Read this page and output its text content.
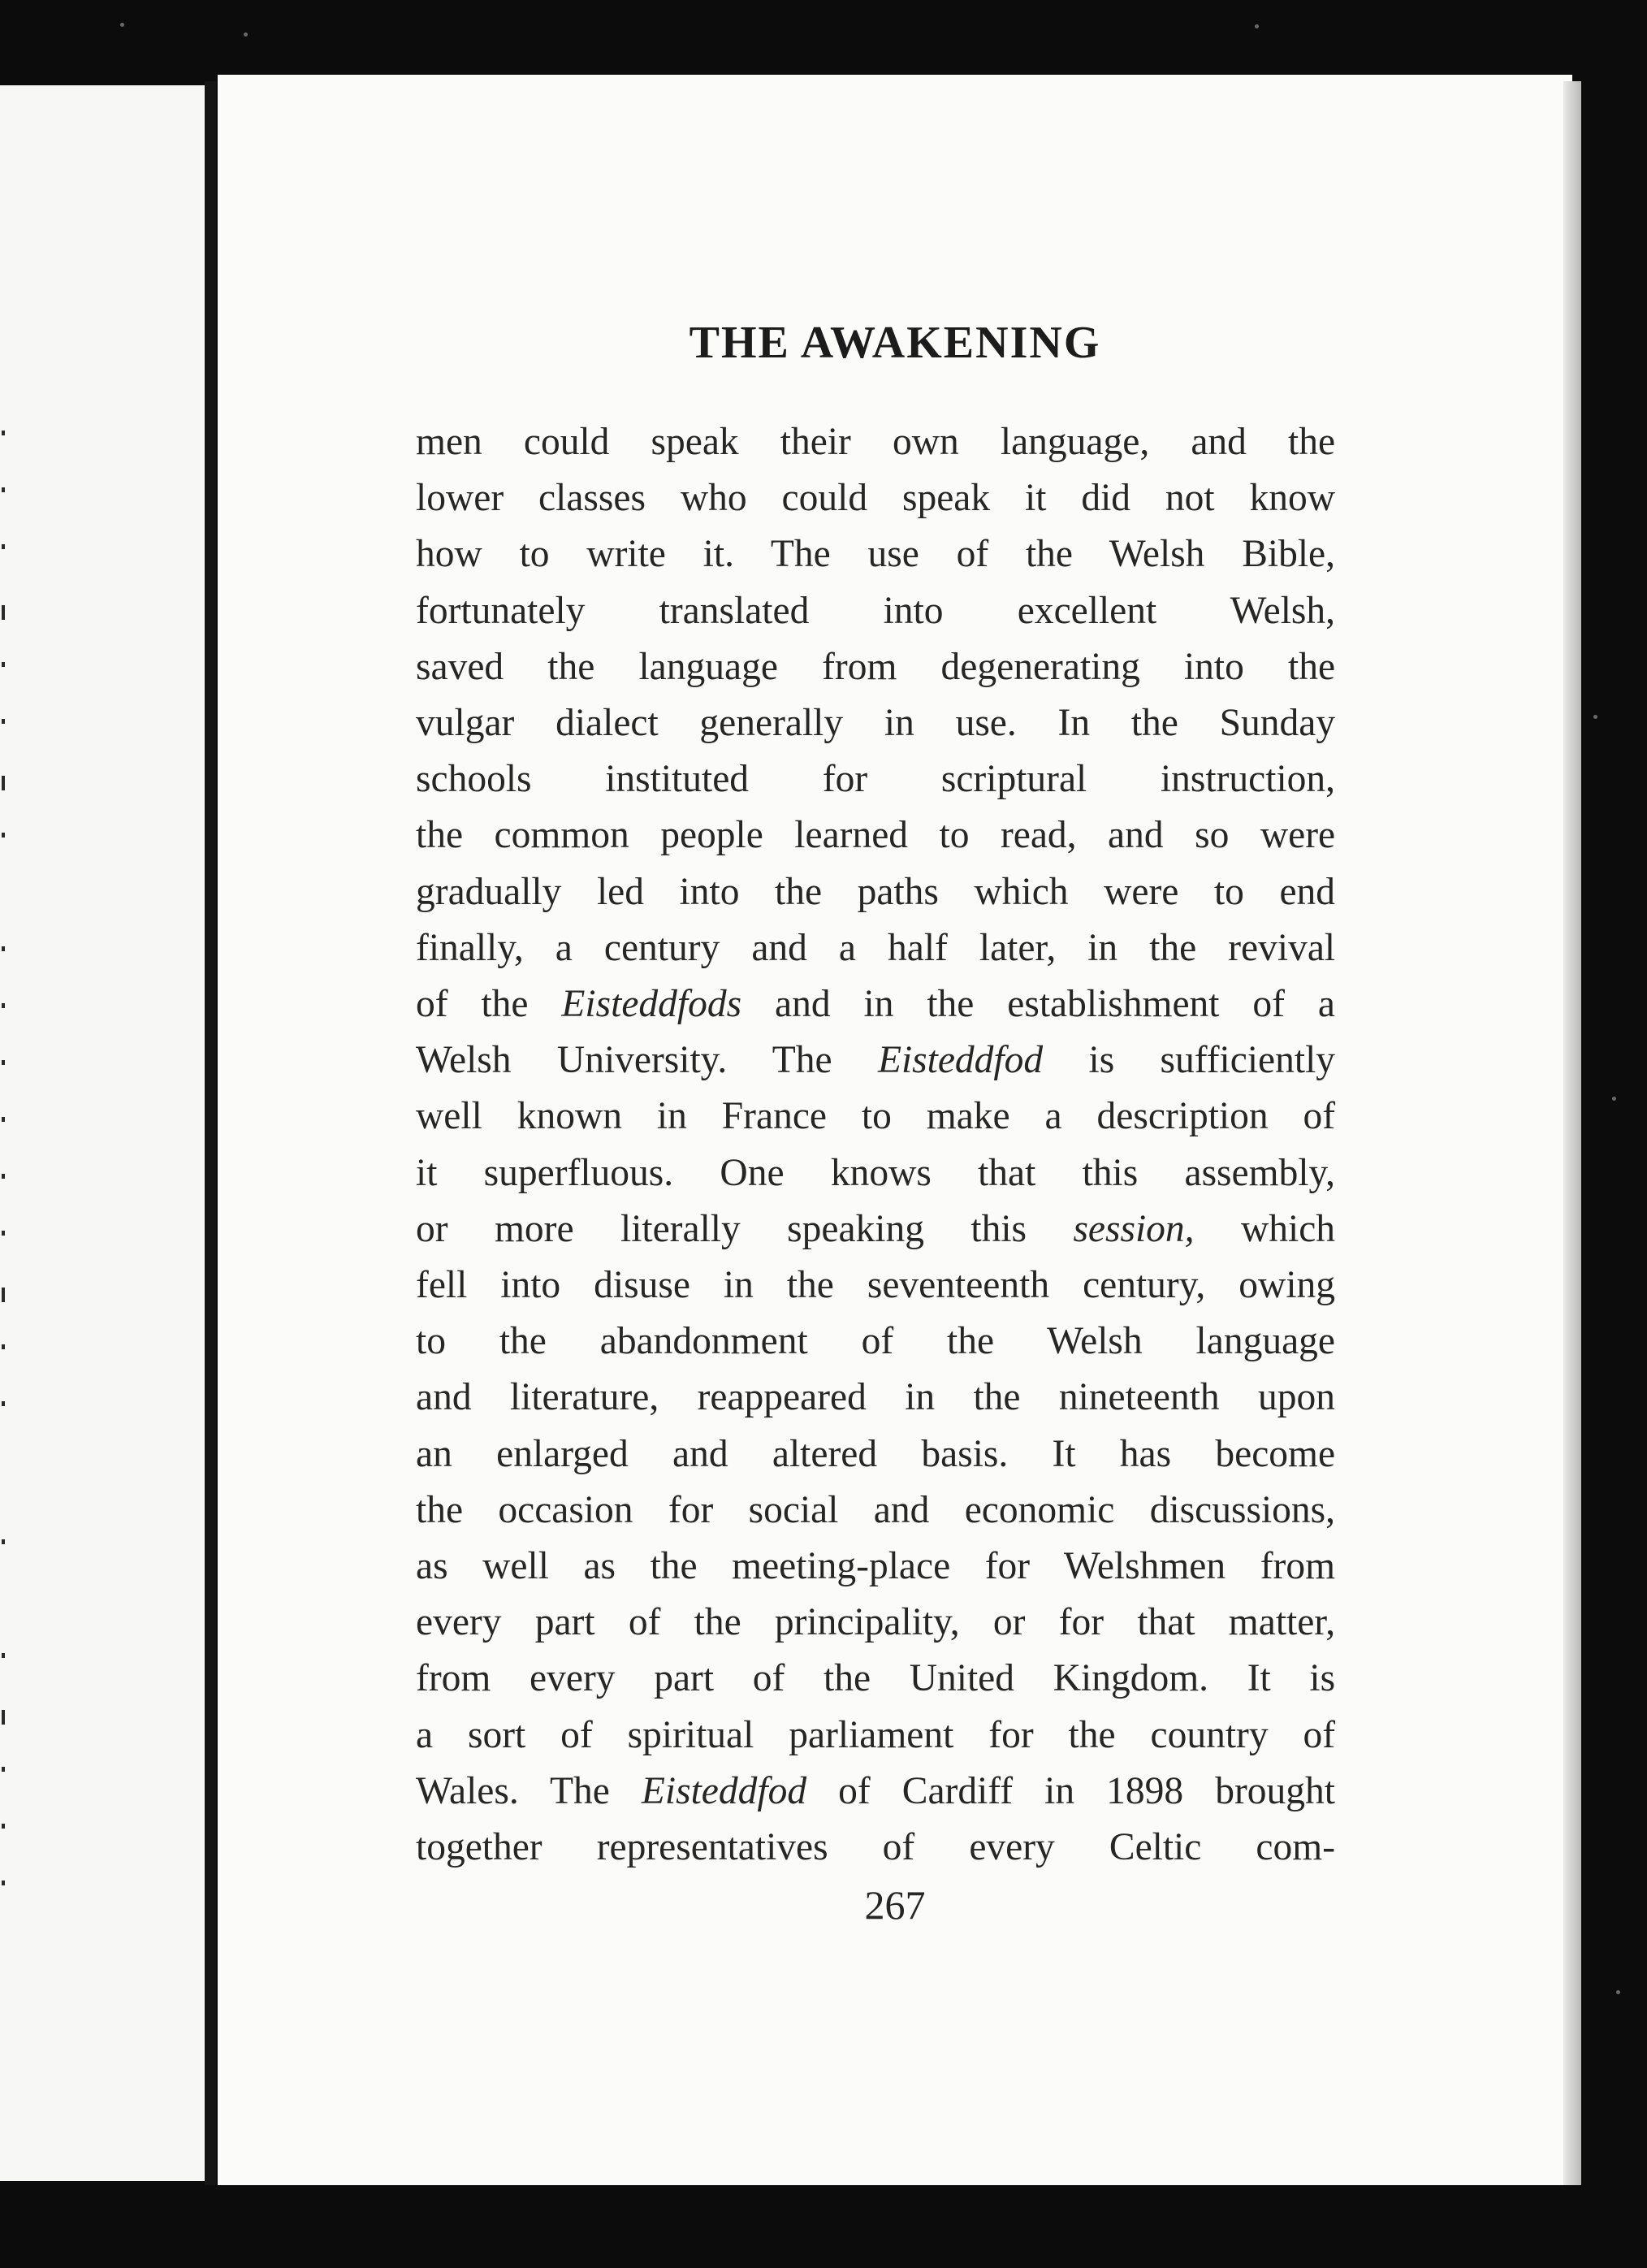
THE AWAKENING
men could speak their own language, and the
lower classes who could speak it did not know
how to write it. The use of the Welsh Bible,
fortunately translated into excellent Welsh,
saved the language from degenerating into the
vulgar dialect generally in use. In the Sunday
schools instituted for scriptural instruction,
the common people learned to read, and so were
gradually led into the paths which were to end
finally, a century and a half later, in the revival
of the Eisteddfods and in the establishment of a
Welsh University. The Eisteddfod is sufficiently
well known in France to make a description of
it superfluous. One knows that this assembly,
or more literally speaking this session, which
fell into disuse in the seventeenth century, owing
to the abandonment of the Welsh language
and literature, reappeared in the nineteenth upon
an enlarged and altered basis. It has become
the occasion for social and economic discussions,
as well as the meeting-place for Welshmen from
every part of the principality, or for that matter,
from every part of the United Kingdom. It is
a sort of spiritual parliament for the country of
Wales. The Eisteddfod of Cardiff in 1898 brought
together representatives of every Celtic com-
267
